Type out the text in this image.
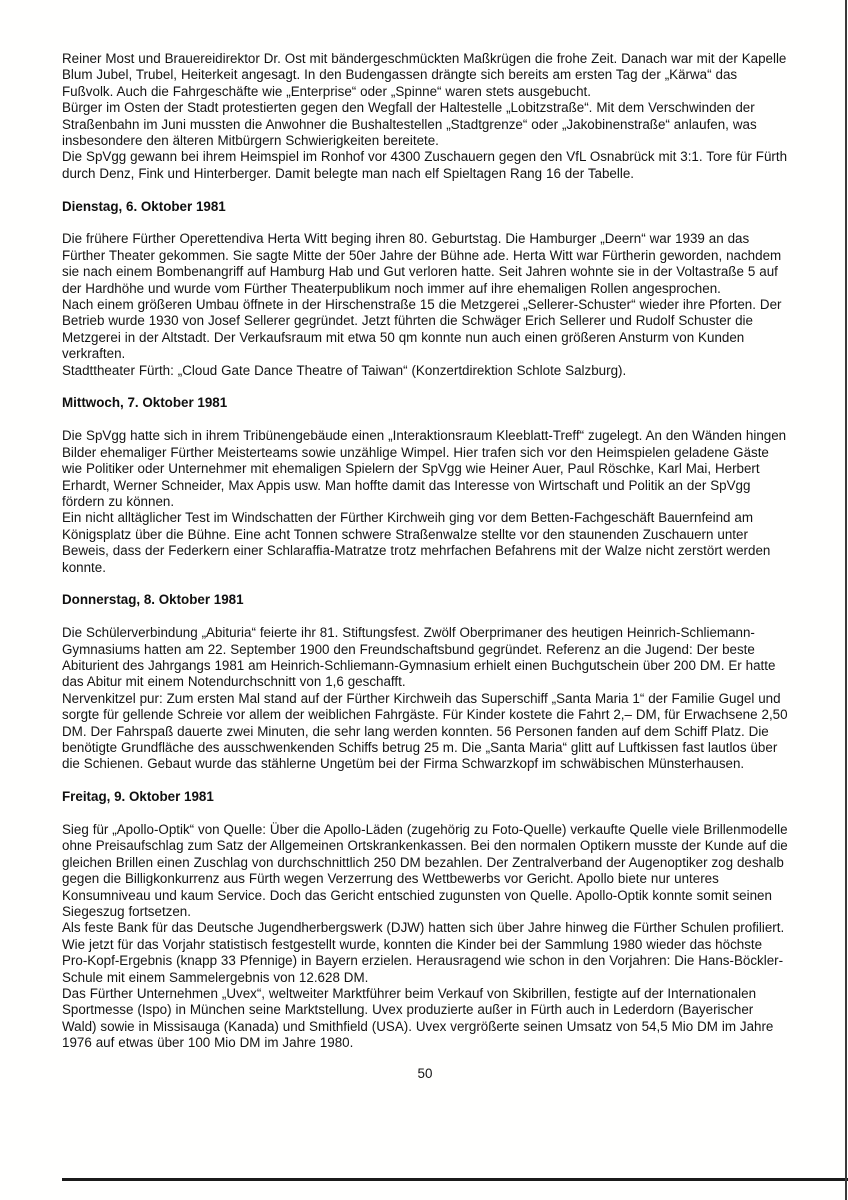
Reiner Most und Brauereidirektor Dr. Ost mit bändergeschmückten Maßkrügen die frohe Zeit. Danach war mit der Kapelle Blum Jubel, Trubel, Heiterkeit angesagt. In den Budengassen drängte sich bereits am ersten Tag der „Kärwa“ das Fußvolk. Auch die Fahrgeschäfte wie „Enterprise“ oder „Spinne“ waren stets ausgebucht.

Bürger im Osten der Stadt protestierten gegen den Wegfall der Haltestelle „Lobitzstraße“. Mit dem Verschwinden der Straßenbahn im Juni mussten die Anwohner die Bushaltestellen „Stadtgrenze“ oder „Jakobinenstraße“ anlaufen, was insbesondere den älteren Mitbürgern Schwierigkeiten bereitete.

Die SpVgg gewann bei ihrem Heimspiel im Ronhof vor 4300 Zuschauern gegen den VfL Osnabrück mit 3:1. Tore für Fürth durch Denz, Fink und Hinterberger. Damit belegte man nach elf Spieltagen Rang 16 der Tabelle.

Dienstag, 6. Oktober 1981

Die frühere Fürther Operettendiva Herta Witt beging ihren 80. Geburtstag. Die Hamburger „Deern“ war 1939 an das Fürther Theater gekommen. Sie sagte Mitte der 50er Jahre der Bühne ade. Herta Witt war Fürtherin geworden, nachdem sie nach einem Bombenangriff auf Hamburg Hab und Gut verloren hatte. Seit Jahren wohnte sie in der Voltastraße 5 auf der Hardhöhe und wurde vom Fürther Theaterpublikum noch immer auf ihre ehemaligen Rollen angesprochen.

Nach einem größeren Umbau öffnete in der Hirschenstraße 15 die Metzgerei „Sellerer-Schuster“ wieder ihre Pforten. Der Betrieb wurde 1930 von Josef Sellerer gegründet. Jetzt führten die Schwäger Erich Sellerer und Rudolf Schuster die Metzgerei in der Altstadt. Der Verkaufsraum mit etwa 50 qm konnte nun auch einen größeren Ansturm von Kunden verkraften.

Stadttheater Fürth: „Cloud Gate Dance Theatre of Taiwan“ (Konzertdirektion Schlote Salzburg).

Mittwoch, 7. Oktober 1981

Die SpVgg hatte sich in ihrem Tribünengebäude einen „Interaktionsraum Kleeblatt-Treff“ zugelegt. An den Wänden hingen Bilder ehemaliger Fürther Meisterteams sowie unzählige Wimpel. Hier trafen sich vor den Heimspielen geladene Gäste wie Politiker oder Unternehmer mit ehemaligen Spielern der SpVgg wie Heiner Auer, Paul Röschke, Karl Mai, Herbert Erhardt, Werner Schneider, Max Appis usw. Man hoffte damit das Interesse von Wirtschaft und Politik an der SpVgg fördern zu können.

Ein nicht alltäglicher Test im Windschatten der Fürther Kirchweih ging vor dem Betten-Fachgeschäft Bauernfeind am Königsplatz über die Bühne. Eine acht Tonnen schwere Straßenwalze stellte vor den staunenden Zuschauern unter Beweis, dass der Federkern einer Schlaraffia-Matratze trotz mehrfachen Befahrens mit der Walze nicht zerstört werden konnte.

Donnerstag, 8. Oktober 1981

Die Schülerverbindung „Abituria“ feierte ihr 81. Stiftungsfest. Zwölf Oberprimaner des heutigen Heinrich-Schliemann-Gymnasiums hatten am 22. September 1900 den Freundschaftsbund gegründet. Referenz an die Jugend: Der beste Abiturient des Jahrgangs 1981 am Heinrich-Schliemann-Gymnasium erhielt einen Buchgutschein über 200 DM. Er hatte das Abitur mit einem Notendurchschnitt von 1,6 geschafft.

Nervenkitzel pur: Zum ersten Mal stand auf der Fürther Kirchweih das Superschiff „Santa Maria 1“ der Familie Gugel und sorgte für gellende Schreie vor allem der weiblichen Fahrgäste. Für Kinder kostete die Fahrt 2,– DM, für Erwachsene 2,50 DM. Der Fahrspaß dauerte zwei Minuten, die sehr lang werden konnten. 56 Personen fanden auf dem Schiff Platz. Die benötigte Grundfläche des ausschwenkenden Schiffs betrug 25 m. Die „Santa Maria“ glitt auf Luftkissen fast lautlos über die Schienen. Gebaut wurde das stählerne Ungetüm bei der Firma Schwarzkopf im schwäbischen Münsterhausen.

Freitag, 9. Oktober 1981

Sieg für „Apollo-Optik“ von Quelle: Über die Apollo-Läden (zugehörig zu Foto-Quelle) verkaufte Quelle viele Brillenmodelle ohne Preisaufschlag zum Satz der Allgemeinen Ortskrankenkassen. Bei den normalen Optikern musste der Kunde auf die gleichen Brillen einen Zuschlag von durchschnittlich 250 DM bezahlen. Der Zentralverband der Augenoptiker zog deshalb gegen die Billigkonkurrenz aus Fürth wegen Verzerrung des Wettbewerbs vor Gericht. Apollo biete nur unteres Konsumniveau und kaum Service. Doch das Gericht entschied zugunsten von Quelle. Apollo-Optik konnte somit seinen Siegeszug fortsetzen.

Als feste Bank für das Deutsche Jugendherbergswerk (DJW) hatten sich über Jahre hinweg die Fürther Schulen profiliert. Wie jetzt für das Vorjahr statistisch festgestellt wurde, konnten die Kinder bei der Sammlung 1980 wieder das höchste Pro-Kopf-Ergebnis (knapp 33 Pfennige) in Bayern erzielen. Herausragend wie schon in den Vorjahren: Die Hans-Böckler-Schule mit einem Sammelergebnis von 12.628 DM.

Das Fürther Unternehmen „Uvex“, weltweiter Marktführer beim Verkauf von Skibrillen, festigte auf der Internationalen Sportmesse (Ispo) in München seine Marktstellung. Uvex produzierte außer in Fürth auch in Lederdorn (Bayerischer Wald) sowie in Missisauga (Kanada) und Smithfield (USA). Uvex vergrößerte seinen Umsatz von 54,5 Mio DM im Jahre 1976 auf etwas über 100 Mio DM im Jahre 1980.

50
